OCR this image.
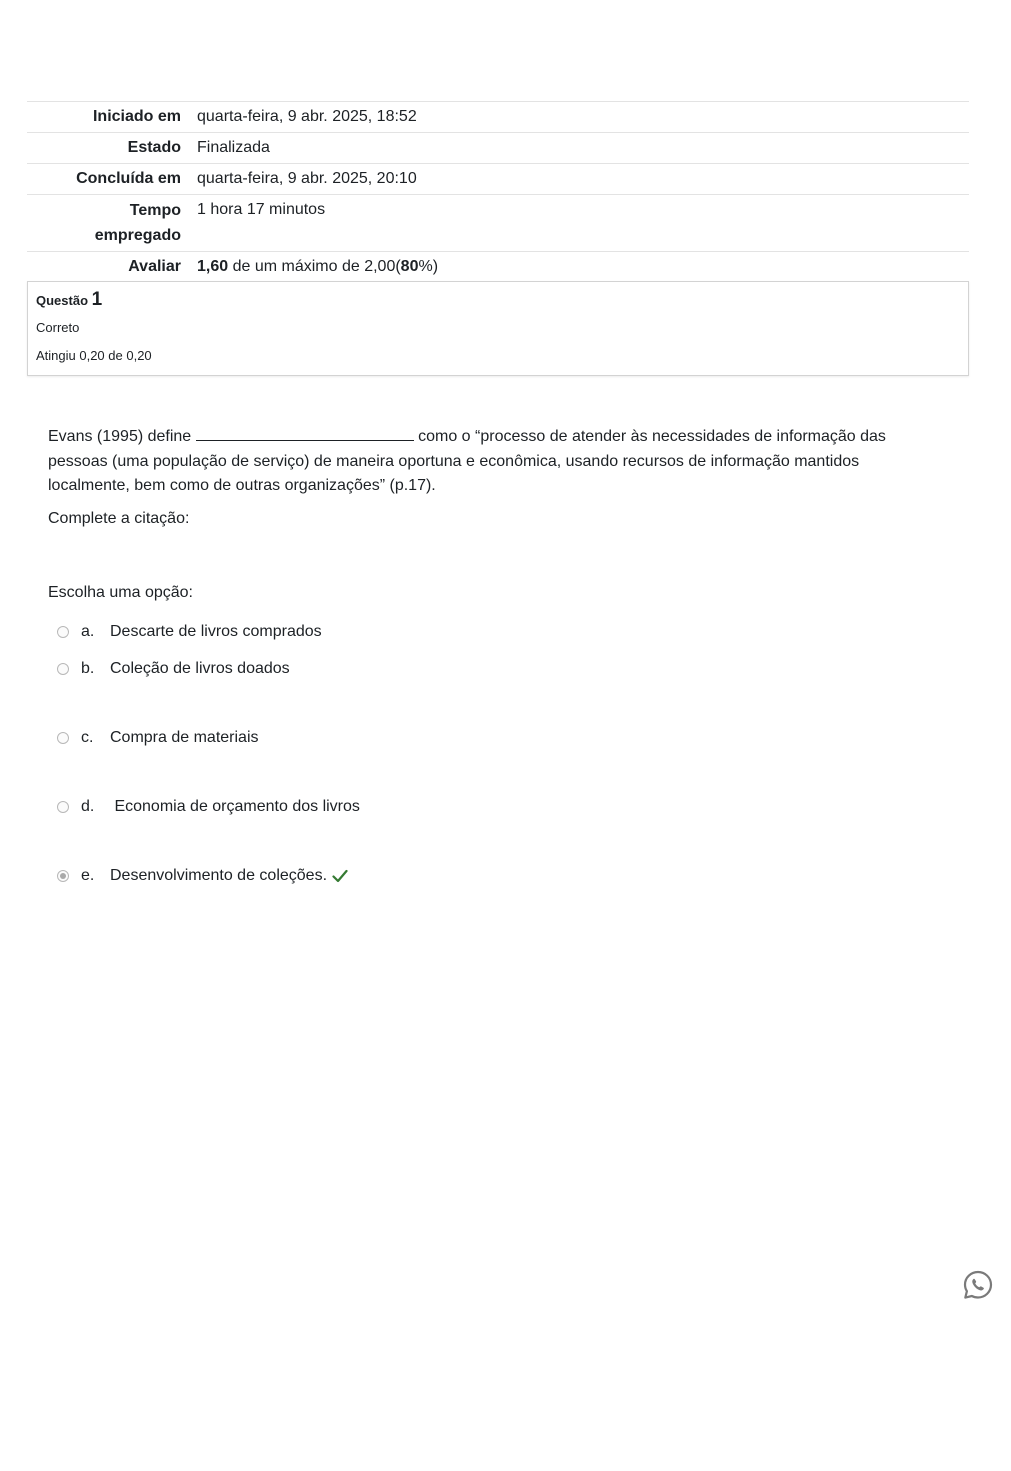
Iniciado em	quarta-feira, 9 abr. 2025, 18:52
Estado	Finalizada
Concluída em	quarta-feira, 9 abr. 2025, 20:10
Tempo
empregado	1 hora 17 minutos
Avaliar	1,60 de um máximo de 2,00(80%)
Questão 1
Correto
Atingiu 0,20 de 0,20

Evans (1995) define	como o “processo de atender às necessidades de informação das pessoas (uma população de serviço) de maneira oportuna e econômica, usando recursos de informação mantidos localmente, bem como de outras organizações” (p.17).

Complete a citação:

Escolha uma opção:
a. Descarte de livros comprados
b. Coleção de livros doados
c.	Compra de materiais
d. Economia de orçamento dos livros
e. Desenvolvimento de coleções.
